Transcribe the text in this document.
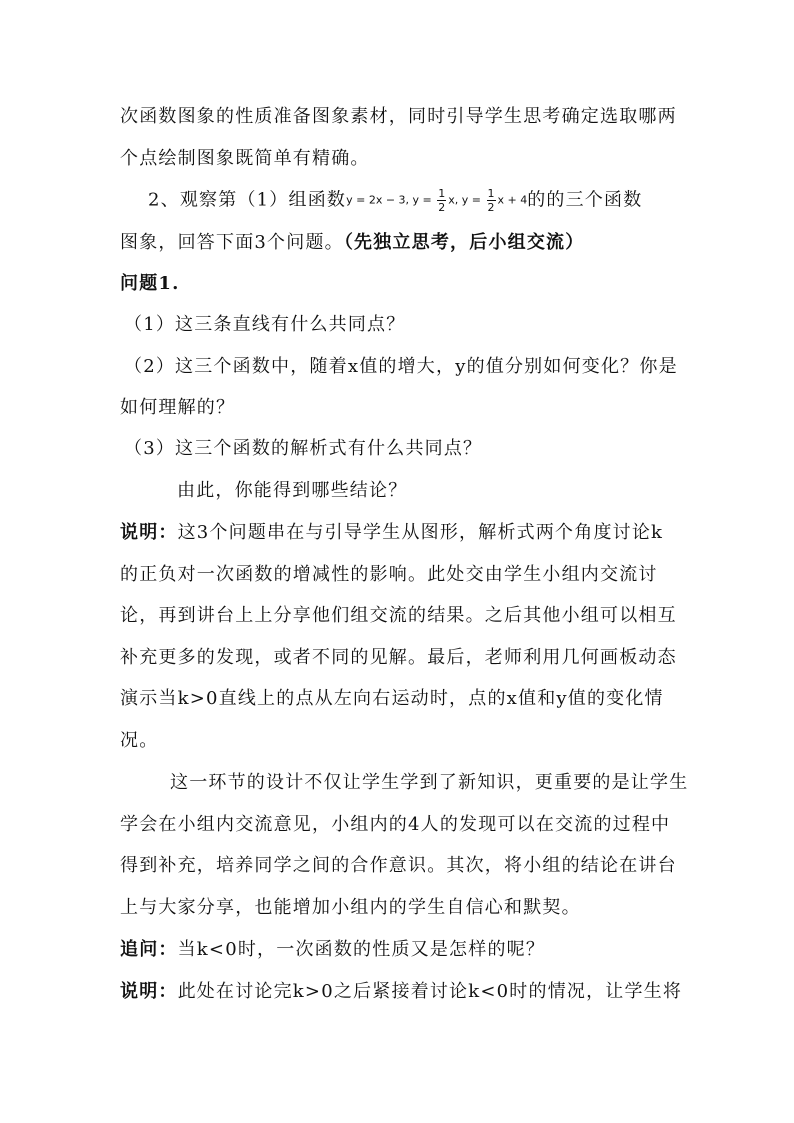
次函数图象的性质准备图象素材，同时引导学生思考确定选取哪两
个点绘制图象既简单有精确。
2、观察第（1）组函数y = 2x − 3, $y = \frac{1}{2} x$, $y = \frac{1}{2}$ x + 4的的三个函数
图象，回答下面3个问题。（先独立思考，后小组交流）
问题1.
（1）这三条直线有什么共同点？
（2）这三个函数中，随着x值的增大，y的值分别如何变化？你是
如何理解的？
（3）这三个函数的解析式有什么共同点？
由此，你能得到哪些结论？
说明：这3个问题串在与引导学生从图形，解析式两个角度讨论k
的正负对一次函数的增减性的影响。此处交由学生小组内交流讨
论，再到讲台上上分享他们组交流的结果。之后其他小组可以相互
补充更多的发现，或者不同的见解。最后，老师利用几何画板动态
演示当k>0直线上的点从左向右运动时，点的x值和y值的变化情
况。
这一环节的设计不仅让学生学到了新知识，更重要的是让学生
学会在小组内交流意见，小组内的4人的发现可以在交流的过程中
得到补充，培养同学之间的合作意识。其次，将小组的结论在讲台
上与大家分享，也能增加小组内的学生自信心和默契。
追问：当k<0时，一次函数的性质又是怎样的呢？
说明：此处在讨论完k>0之后紧接着讨论k<0时的情况，让学生将
